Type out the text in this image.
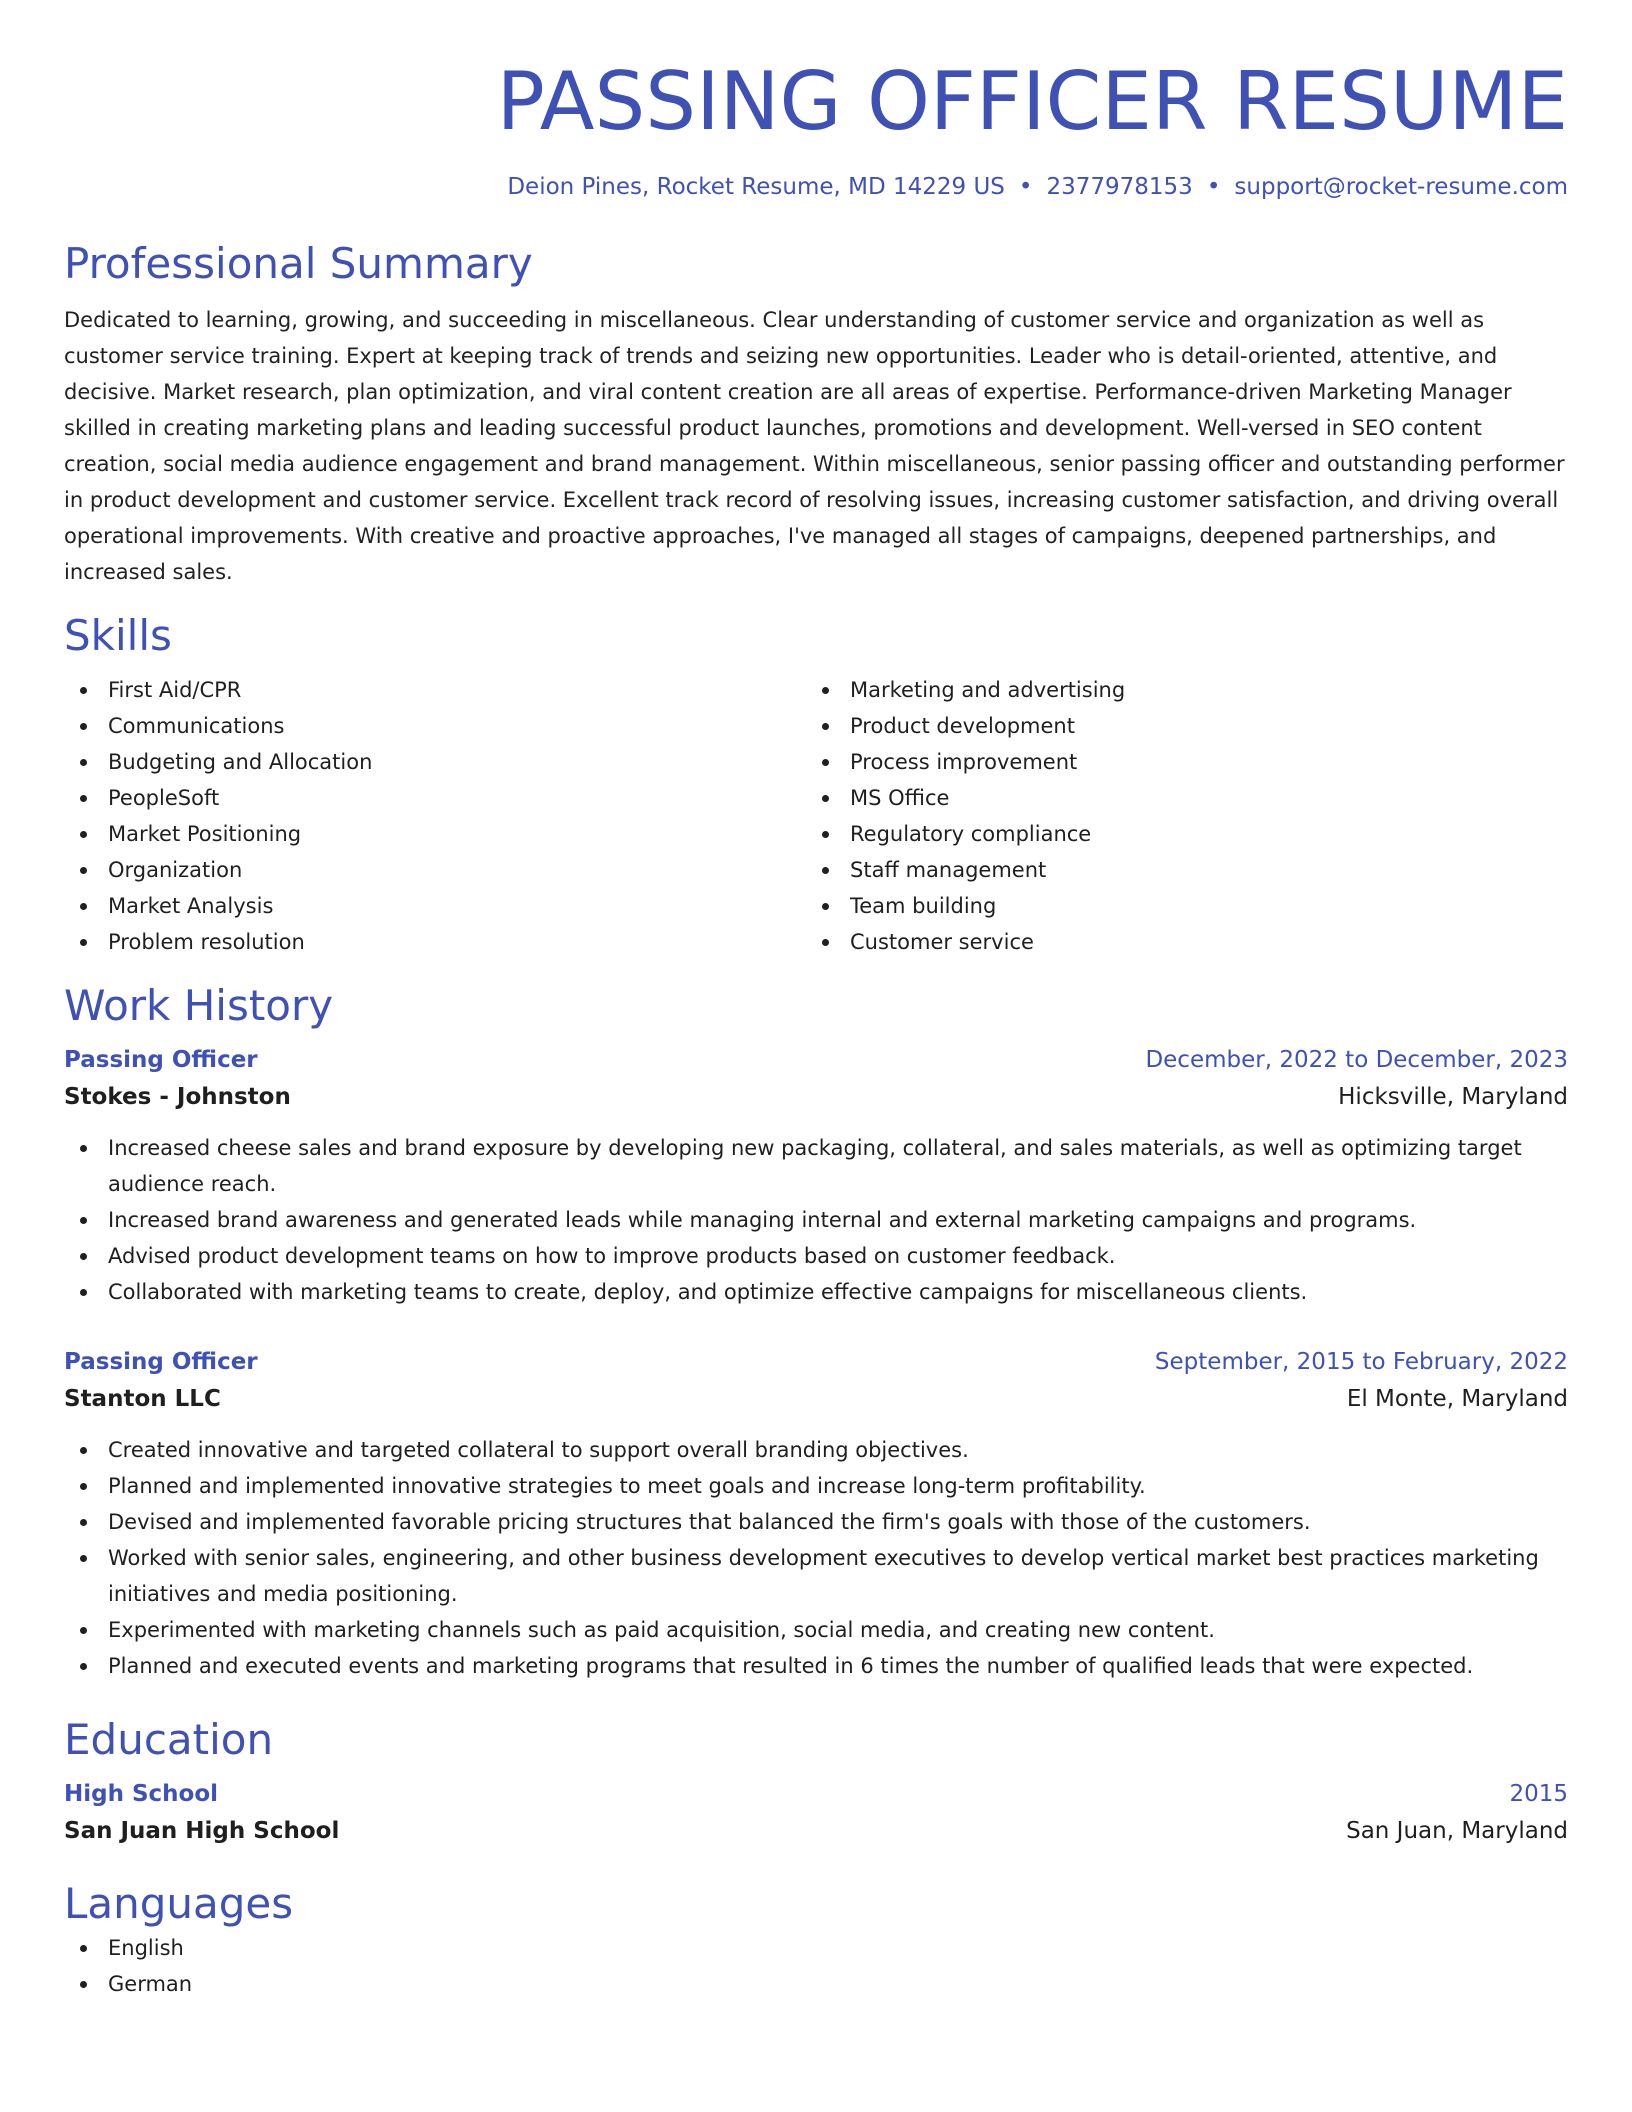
PASSING OFFICER RESUME
Deion Pines, Rocket Resume, MD 14229 US • 2377978153 • support@rocket-resume.com
Professional Summary
Dedicated to learning, growing, and succeeding in miscellaneous. Clear understanding of customer service and organization as well as customer service training. Expert at keeping track of trends and seizing new opportunities. Leader who is detail-oriented, attentive, and decisive. Market research, plan optimization, and viral content creation are all areas of expertise. Performance-driven Marketing Manager skilled in creating marketing plans and leading successful product launches, promotions and development. Well-versed in SEO content creation, social media audience engagement and brand management. Within miscellaneous, senior passing officer and outstanding performer in product development and customer service. Excellent track record of resolving issues, increasing customer satisfaction, and driving overall operational improvements. With creative and proactive approaches, I've managed all stages of campaigns, deepened partnerships, and increased sales.
Skills
First Aid/CPR
Communications
Budgeting and Allocation
PeopleSoft
Market Positioning
Organization
Market Analysis
Problem resolution
Marketing and advertising
Product development
Process improvement
MS Office
Regulatory compliance
Staff management
Team building
Customer service
Work History
Passing Officer	December, 2022 to December, 2023
Stokes - Johnston	Hicksville, Maryland
Increased cheese sales and brand exposure by developing new packaging, collateral, and sales materials, as well as optimizing target audience reach.
Increased brand awareness and generated leads while managing internal and external marketing campaigns and programs.
Advised product development teams on how to improve products based on customer feedback.
Collaborated with marketing teams to create, deploy, and optimize effective campaigns for miscellaneous clients.
Passing Officer	September, 2015 to February, 2022
Stanton LLC	El Monte, Maryland
Created innovative and targeted collateral to support overall branding objectives.
Planned and implemented innovative strategies to meet goals and increase long-term profitability.
Devised and implemented favorable pricing structures that balanced the firm's goals with those of the customers.
Worked with senior sales, engineering, and other business development executives to develop vertical market best practices marketing initiatives and media positioning.
Experimented with marketing channels such as paid acquisition, social media, and creating new content.
Planned and executed events and marketing programs that resulted in 6 times the number of qualified leads that were expected.
Education
High School	2015
San Juan High School	San Juan, Maryland
Languages
English
German
